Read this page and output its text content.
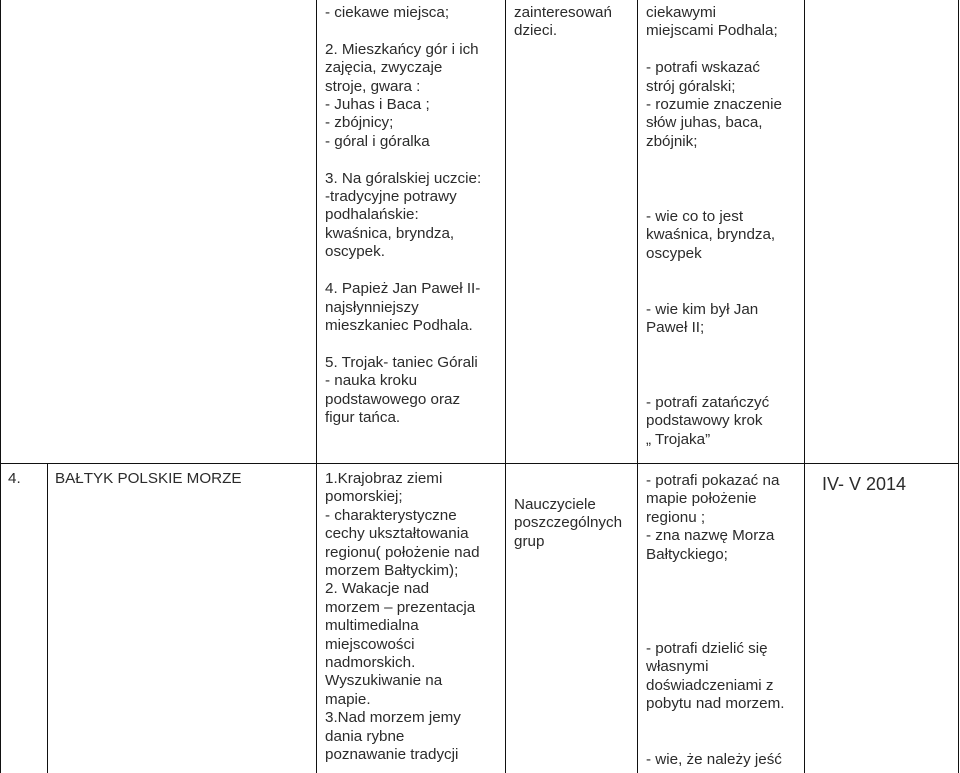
- ciekawe miejsca;

2. Mieszkańcy gór i ich
zajęcia, zwyczaje
stroje, gwara :
- Juhas i Baca ;
- zbójnicy;
- góral i góralka

3. Na góralskiej uczcie:
-tradycyjne potrawy
podhalańskie:
kwaśnica, bryndza,
oscypek.

4. Papież Jan Paweł II-
najsłynniejszy
mieszkaniec Podhala.

5. Trojak- taniec Górali
- nauka kroku
podstawowego oraz
figur tańca.
zainteresowań
dzieci.
ciekawymi
miejscami Podhala;

- potrafi wskazać
strój góralski;
- rozumie znaczenie
słów juhas, baca,
zbójnik;
- wie co to jest
kwaśnica, bryndza,
oscypek
- wie kim był Jan
Paweł II;
- potrafi zatańczyć
podstawowy krok
„ Trojaka”
4. BAŁTYK POLSKIE MORZE	1.Krajobraz ziemi
pomorskiej;
- charakterystyczne
cechy ukształtowania
regionu( położenie nad
morzem Bałtyckim);
2. Wakacje nad
morzem – prezentacja
multimedialna
miejscowości
nadmorskich.
Wyszukiwanie na
mapie.
3.Nad morzem jemy
dania rybne
poznawanie tradycji
Nauczyciele
poszczególnych
grup
- potrafi pokazać na
mapie położenie
regionu ;
- zna nazwę Morza
Bałtyckiego;
- potrafi dzielić się
własnymi
doświadczeniami z
pobytu nad morzem.
- wie, że należy jeść
IV- V 2014
